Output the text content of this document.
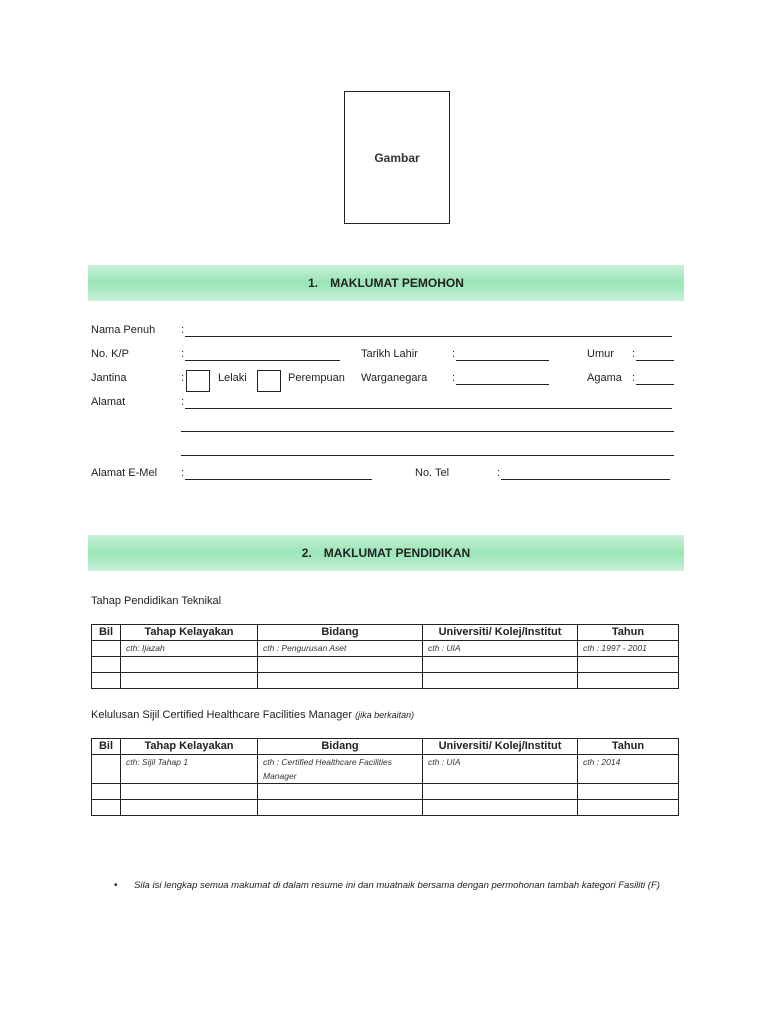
Gambar
1. MAKLUMAT PEMOHON
Nama Penuh :
No. K/P	:	Tarikh Lahir	:	Umur :
Jantina	:	Lelaki	Perempuan Warganegara :	Agama :
Alamat	:
Alamat E-Mel :	No. Tel	:
2. MAKLUMAT PENDIDIKAN
Tahap Pendidikan Teknikal
Bil	Tahap Kelayakan	Bidang	Universiti/ Kolej/Institut	Tahun
	cth: Ijazah	cth : Pengurusan Aset	cth : UIA	cth : 1997 - 2001

Kelulusan Sijil Certified Healthcare Facilities Manager (jika berkaitan)
Bil	Tahap Kelayakan	Bidang	Universiti/ Kolej/Institut	Tahun
	cth: Sijil Tahap 1	cth : Certified Healthcare Facilities Manager	cth : UIA	cth : 2014

• Sila isi lengkap semua makumat di dalam resume ini dan muatnaik bersama dengan permohonan tambah kategori Fasiliti (F)
